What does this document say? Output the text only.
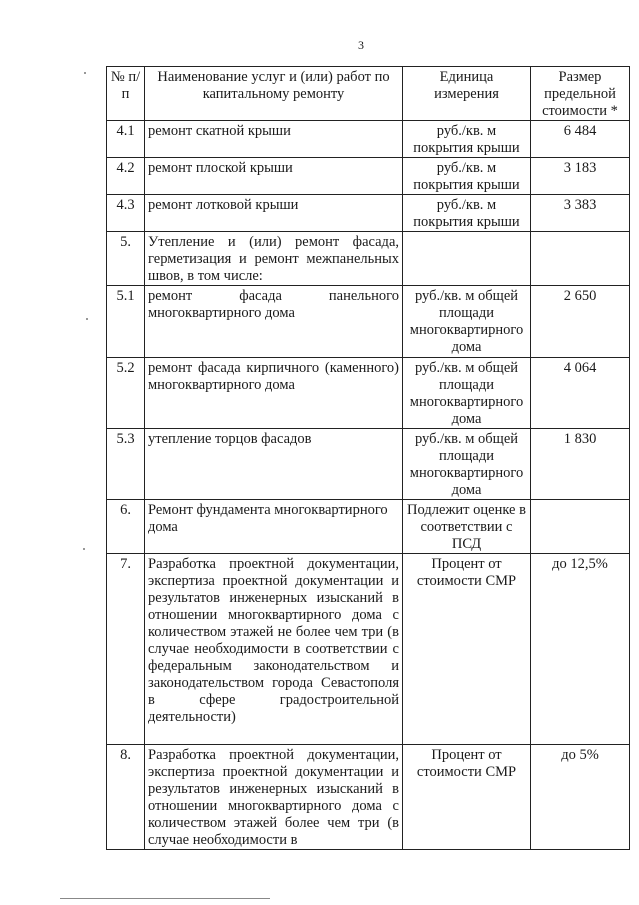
3
№ п/п	Наименование услуг и (или) работ по капитальному ремонту	Единица измерения	Размер предельной стоимости *
4.1	ремонт скатной крыши	руб./кв. м покрытия крыши	6 484
4.2	ремонт плоской крыши	руб./кв. м покрытия крыши	3 183
4.3	ремонт лотковой крыши	руб./кв. м покрытия крыши	3 383
5.	Утепление и (или) ремонт фасада, герметизация и ремонт межпанельных швов, в том числе:		
5.1	ремонт фасада панельного многоквартирного дома	руб./кв. м общей площади многоквартирного дома	2 650
5.2	ремонт фасада кирпичного (каменного) многоквартирного дома	руб./кв. м общей площади многоквартирного дома	4 064
5.3	утепление торцов фасадов	руб./кв. м общей площади многоквартирного дома	1 830
6.	Ремонт фундамента многоквартирного дома	Подлежит оценке в соответствии с ПСД	
7.	Разработка проектной документации, экспертиза проектной документации и результатов инженерных изысканий в отношении многоквартирного дома с количеством этажей не более чем три (в случае необходимости в соответствии с федеральным законодательством и законодательством города Севастополя в сфере градостроительной деятельности)	Процент от стоимости СМР	до 12,5%
8.	Разработка проектной документации, экспертиза проектной документации и результатов инженерных изысканий в отношении многоквартирного дома с количеством этажей более чем три (в случае необходимости в	Процент от стоимости СМР	до 5%
